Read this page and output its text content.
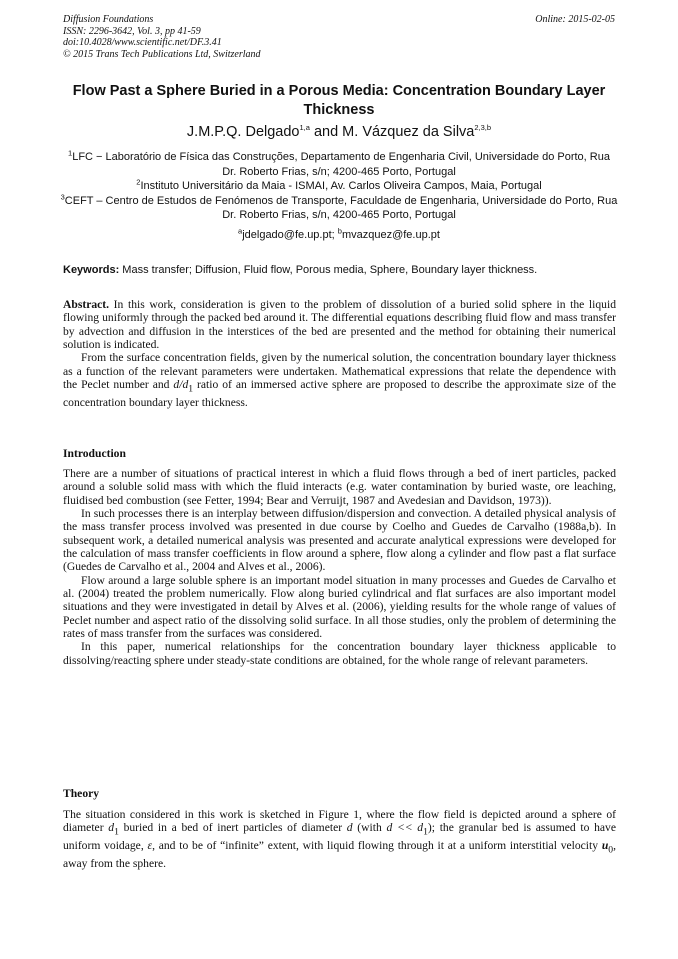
Diffusion Foundations
ISSN: 2296-3642, Vol. 3, pp 41-59
doi:10.4028/www.scientific.net/DF.3.41
© 2015 Trans Tech Publications Ltd, Switzerland
Online: 2015-02-05
Flow Past a Sphere Buried in a Porous Media: Concentration Boundary Layer Thickness
J.M.P.Q. Delgado$^{1,a}$ and M. Vázquez da Silva$^{2,3,b}$

$^1$LFC − Laboratório de Física das Construções, Departamento de Engenharia Civil, Universidade do Porto, Rua Dr. Roberto Frias, s/n; 4200-465 Porto, Portugal

$^2$Instituto Universitário da Maia - ISMAI, Av. Carlos Oliveira Campos, Maia, Portugal

$^3$CEFT – Centro de Estudos de Fenómenos de Transporte, Faculdade de Engenharia, Universidade do Porto, Rua Dr. Roberto Frias, s/n, 4200-465 Porto, Portugal

$^a$jdelgado@fe.up.pt; $^b$mvazquez@fe.up.pt
Keywords: Mass transfer; Diffusion, Fluid flow, Porous media, Sphere, Boundary layer thickness.

Abstract. In this work, consideration is given to the problem of dissolution of a buried solid sphere in the liquid flowing uniformly through the packed bed around it. The differential equations describing fluid flow and mass transfer by advection and diffusion in the interstices of the bed are presented and the method for obtaining their numerical solution is indicated.

From the surface concentration fields, given by the numerical solution, the concentration boundary layer thickness as a function of the relevant parameters were undertaken. Mathematical expressions that relate the dependence with the Peclet number and $d/d_1$ ratio of an immersed active sphere are proposed to describe the approximate size of the concentration boundary layer thickness.

Introduction

There are a number of situations of practical interest in which a fluid flows through a bed of inert particles, packed around a soluble solid mass with which the fluid interacts (e.g. water contamination by buried waste, ore leaching, fluidised bed combustion (see Fetter, 1994; Bear and Verruijt, 1987 and Avedesian and Davidson, 1973)).

In such processes there is an interplay between diffusion/dispersion and convection. A detailed physical analysis of the mass transfer process involved was presented in due course by Coelho and Guedes de Carvalho (1988a,b). In subsequent work, a detailed numerical analysis was presented and accurate analytical expressions were developed for the calculation of mass transfer coefficients in flow around a sphere, flow along a cylinder and flow past a flat surface (Guedes de Carvalho et al., 2004 and Alves et al., 2006).

Flow around a large soluble sphere is an important model situation in many processes and Guedes de Carvalho et al. (2004) treated the problem numerically. Flow along buried cylindrical and flat surfaces are also important model situations and they were investigated in detail by Alves et al. (2006), yielding results for the whole range of values of Peclet number and aspect ratio of the dissolving solid surface. In all those studies, only the problem of determining the rates of mass transfer from the surfaces was considered.

In this paper, numerical relationships for the concentration boundary layer thickness applicable to dissolving/reacting sphere under steady-state conditions are obtained, for the whole range of relevant parameters.

Theory

The situation considered in this work is sketched in Figure 1, where the flow field is depicted around a sphere of diameter $d_1$ buried in a bed of inert particles of diameter d (with $d << d_1$); the granular bed is assumed to have uniform voidage, ε, and to be of “infinite” extent, with liquid flowing through it at a uniform interstitial velocity $u_0$, away from the sphere.
